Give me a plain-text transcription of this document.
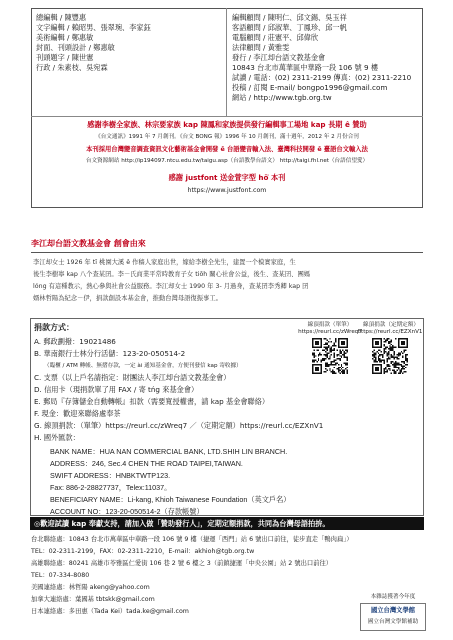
總編輯 / 陳豐惠
文字編輯 / 賴昭男、張翠琬、李家鈺
美術編輯 / 鄭惠敏
封面、刊頭設計 / 鄭惠敏
刊頭題字 / 陳世憲
行政 / 朱素枝、吳宛霖
編輯顧問 / 陳明仁、邱文錫、吳玉祥
客語顧問 / 邱淑華、丁鳳珍、邱一帆
電腦顧問 / 莊憲平、邱偉欣
法律顧問 / 黃雅雯
發行 / 李江却台語文教基金會
10843 台北市萬華區中華路一段 106 號 9 樓
試讀 / 電話：(02) 2311-2199 傳真：(02) 2311-2210
投稿 / 訂閱 E-mail/ bongpo1996@gmail.com
網站 / http://www.tgb.org.tw
感謝李樹全家族、林宗要家族 kap 陳鳳和家族提供發行編輯事工場地 kap 長期 ê 贊助
《台文通訊》1991 年 7 月創刊。《台文 BONG 報》1996 年 10 月創刊，滿十週年，2012 年 2 月份合刊
本刊採用台灣變音調查資訊文化藝術基金會開發 ê 台語變音輸入法、臺灣科技開發 ê 臺語台文輸入法
台文資源網站 http://ip194097.ntcu.edu.tw/taigu.asp（台語教學台語文） http://taigi.fhl.net（台語信望愛）
感謝 justfont 送金萱字型 hō͘ 本刊
https://www.justfont.com
李江却台語文教基金會 創會由來
李江却女士 1926 年 tī 桃園大溪 ê 作穡人家庭出世，嫁給李樹全先生，建置一个模實家庭，生
後生李樹寧 kap 八个查某囝。李－氏商業平常時教育子女 tiōh 關心社會公益，後生、查某囝、團媽
lóng 有這種教示，熱心參與社會公益服務。李江却女士 1990 年 3- 月過身，查某囝李秀卿 kap 囝
婿林哲陽為紀念－伊，捐款創設本基金會，推動台灣母語復振事工。
捐款方式：
A. 郵政劃撥：19021486
B. 華南銀行士林分行活儲：123-20-050514-2
（臨櫃 / ATM 轉帳、無摺存款，一定 ài 通知基金會，方便刊發信 kap 寄收據）
C. 支票（以上戶名請指定：財團法人李江却台語文教基金會）
D. 信用卡（現捐款單了用 FAX / 寄 tńg 來基金會）
E. 郵局『存簿儲金自動轉帳』扣款（需要寬授權書，請 kap 基金會聯絡）
F. 現金：歡迎來聯絡處奉茶
G. 線頂捐款：（單筆）https://reurl.cc/zWreq7 ／（定期定額）https://reurl.cc/EZXnV1
H. 國外匯款：
BANK NAME：HUA NAN COMMERCIAL BANK, LTD.SHIH LIN BRANCH.
ADDRESS：246, Sec.4 CHEN THE ROAD TAIPEI,TAIWAN.
SWIFT ADDRESS：HNBKTWTP123.
Fax: 886-2-28827737，Telex:11037。
BENEFICIARY NAME：Li-kang, Khioh Taiwanese Foundation（英文戶名）
ACCOUNT NO：123-20-050514-2（存款帳號）
線頂捐款（單筆）
https://reurl.cc/zWreq7
線頂捐款（定期定額）
https://reurl.cc/EZXnV1
◎歡迎試讀 kap 奉獻支持，請加入做「贊助發行人」，定期定額捐款，共同為台灣母語拍拚。
台北聯絡處：10843 台北市萬華區中華路一段 106 號 9 樓（捷運「西門」站 6 號出口前往，徒步直走「鴨肉扁」）
TEL：02-2311-2199，FAX：02-2311-2210，E-mail：akhioh@tgb.org.tw
高雄聯絡處：80241 高雄市苓雅區仁愛街 106 巷 2 號 6 樓之 3（前鎮捷運「中央公園」站 2 號出口前往）
TEL：07-334-8080
美國連絡處：林哲陽 akeng@yahoo.com
加拿大連絡處：葉國基 tbtskk@gmail.com
日本連絡處：多田惠（Tada Kei）tada.ke@gmail.com
本雜誌獲著今年度
國立台灣文學館
國立台灣文學館補助
